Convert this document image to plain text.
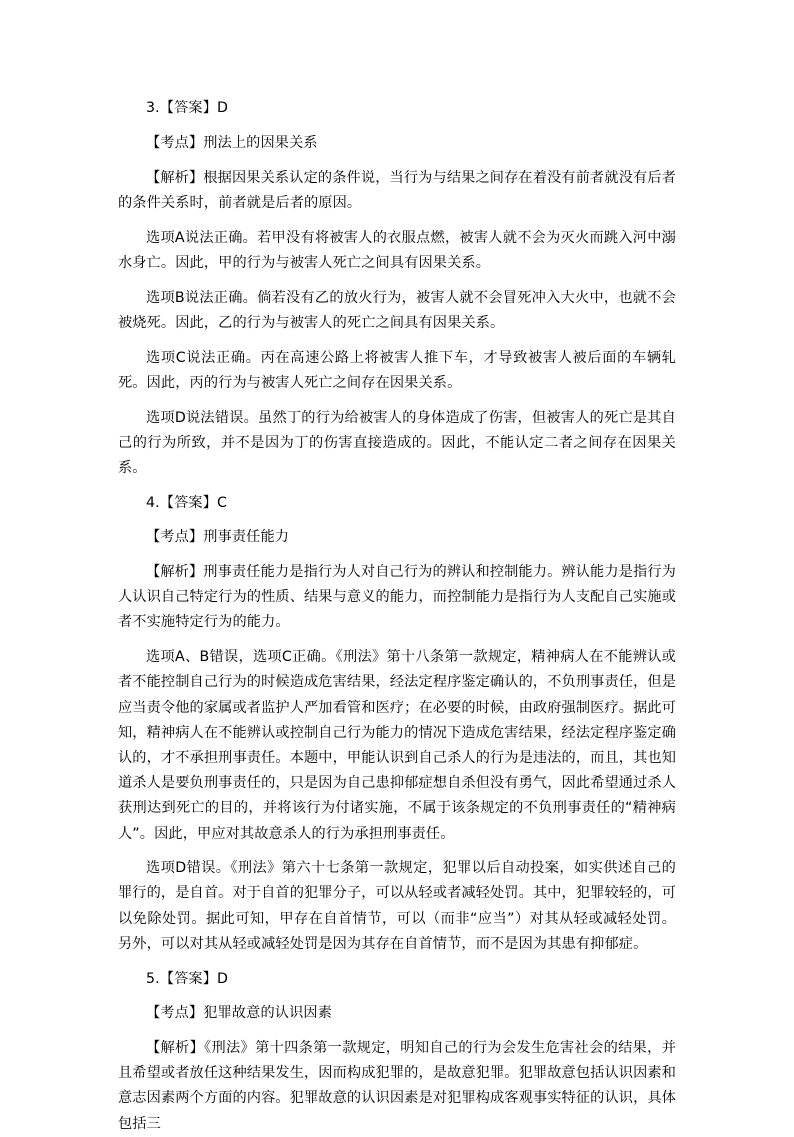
3.【答案】D

【考点】刑法上的因果关系

【解析】根据因果关系认定的条件说，当行为与结果之间存在着没有前者就没有后者的条件关系时，前者就是后者的原因。

选项A说法正确。若甲没有将被害人的衣服点燃，被害人就不会为灭火而跳入河中溺水身亡。因此，甲的行为与被害人死亡之间具有因果关系。

选项B说法正确。倘若没有乙的放火行为，被害人就不会冒死冲入大火中，也就不会被烧死。因此，乙的行为与被害人的死亡之间具有因果关系。

选项C说法正确。丙在高速公路上将被害人推下车，才导致被害人被后面的车辆轧死。因此，丙的行为与被害人死亡之间存在因果关系。

选项D说法错误。虽然丁的行为给被害人的身体造成了伤害，但被害人的死亡是其自己的行为所致，并不是因为丁的伤害直接造成的。因此，不能认定二者之间存在因果关系。

4.【答案】C

【考点】刑事责任能力

【解析】刑事责任能力是指行为人对自己行为的辨认和控制能力。辨认能力是指行为人认识自己特定行为的性质、结果与意义的能力，而控制能力是指行为人支配自己实施或者不实施特定行为的能力。

选项A、B错误，选项C正确。《刑法》第十八条第一款规定，精神病人在不能辨认或者不能控制自己行为的时候造成危害结果，经法定程序鉴定确认的，不负刑事责任，但是应当责令他的家属或者监护人严加看管和医疗；在必要的时候，由政府强制医疗。据此可知，精神病人在不能辨认或控制自己行为能力的情况下造成危害结果，经法定程序鉴定确认的，才不承担刑事责任。本题中，甲能认识到自己杀人的行为是违法的，而且，其也知道杀人是要负刑事责任的，只是因为自己患抑郁症想自杀但没有勇气，因此希望通过杀人获刑达到死亡的目的，并将该行为付诸实施，不属于该条规定的不负刑事责任的“精神病人”。因此，甲应对其故意杀人的行为承担刑事责任。

选项D错误。《刑法》第六十七条第一款规定，犯罪以后自动投案，如实供述自己的罪行的，是自首。对于自首的犯罪分子，可以从轻或者减轻处罚。其中，犯罪较轻的，可以免除处罚。据此可知，甲存在自首情节，可以（而非“应当”）对其从轻或减轻处罚。另外，可以对其从轻或减轻处罚是因为其存在自首情节，而不是因为其患有抑郁症。

5.【答案】D

【考点】犯罪故意的认识因素

【解析】《刑法》第十四条第一款规定，明知自己的行为会发生危害社会的结果，并且希望或者放任这种结果发生，因而构成犯罪的，是故意犯罪。犯罪故意包括认识因素和意志因素两个方面的内容。犯罪故意的认识因素是对犯罪构成客观事实特征的认识，具体包括三
